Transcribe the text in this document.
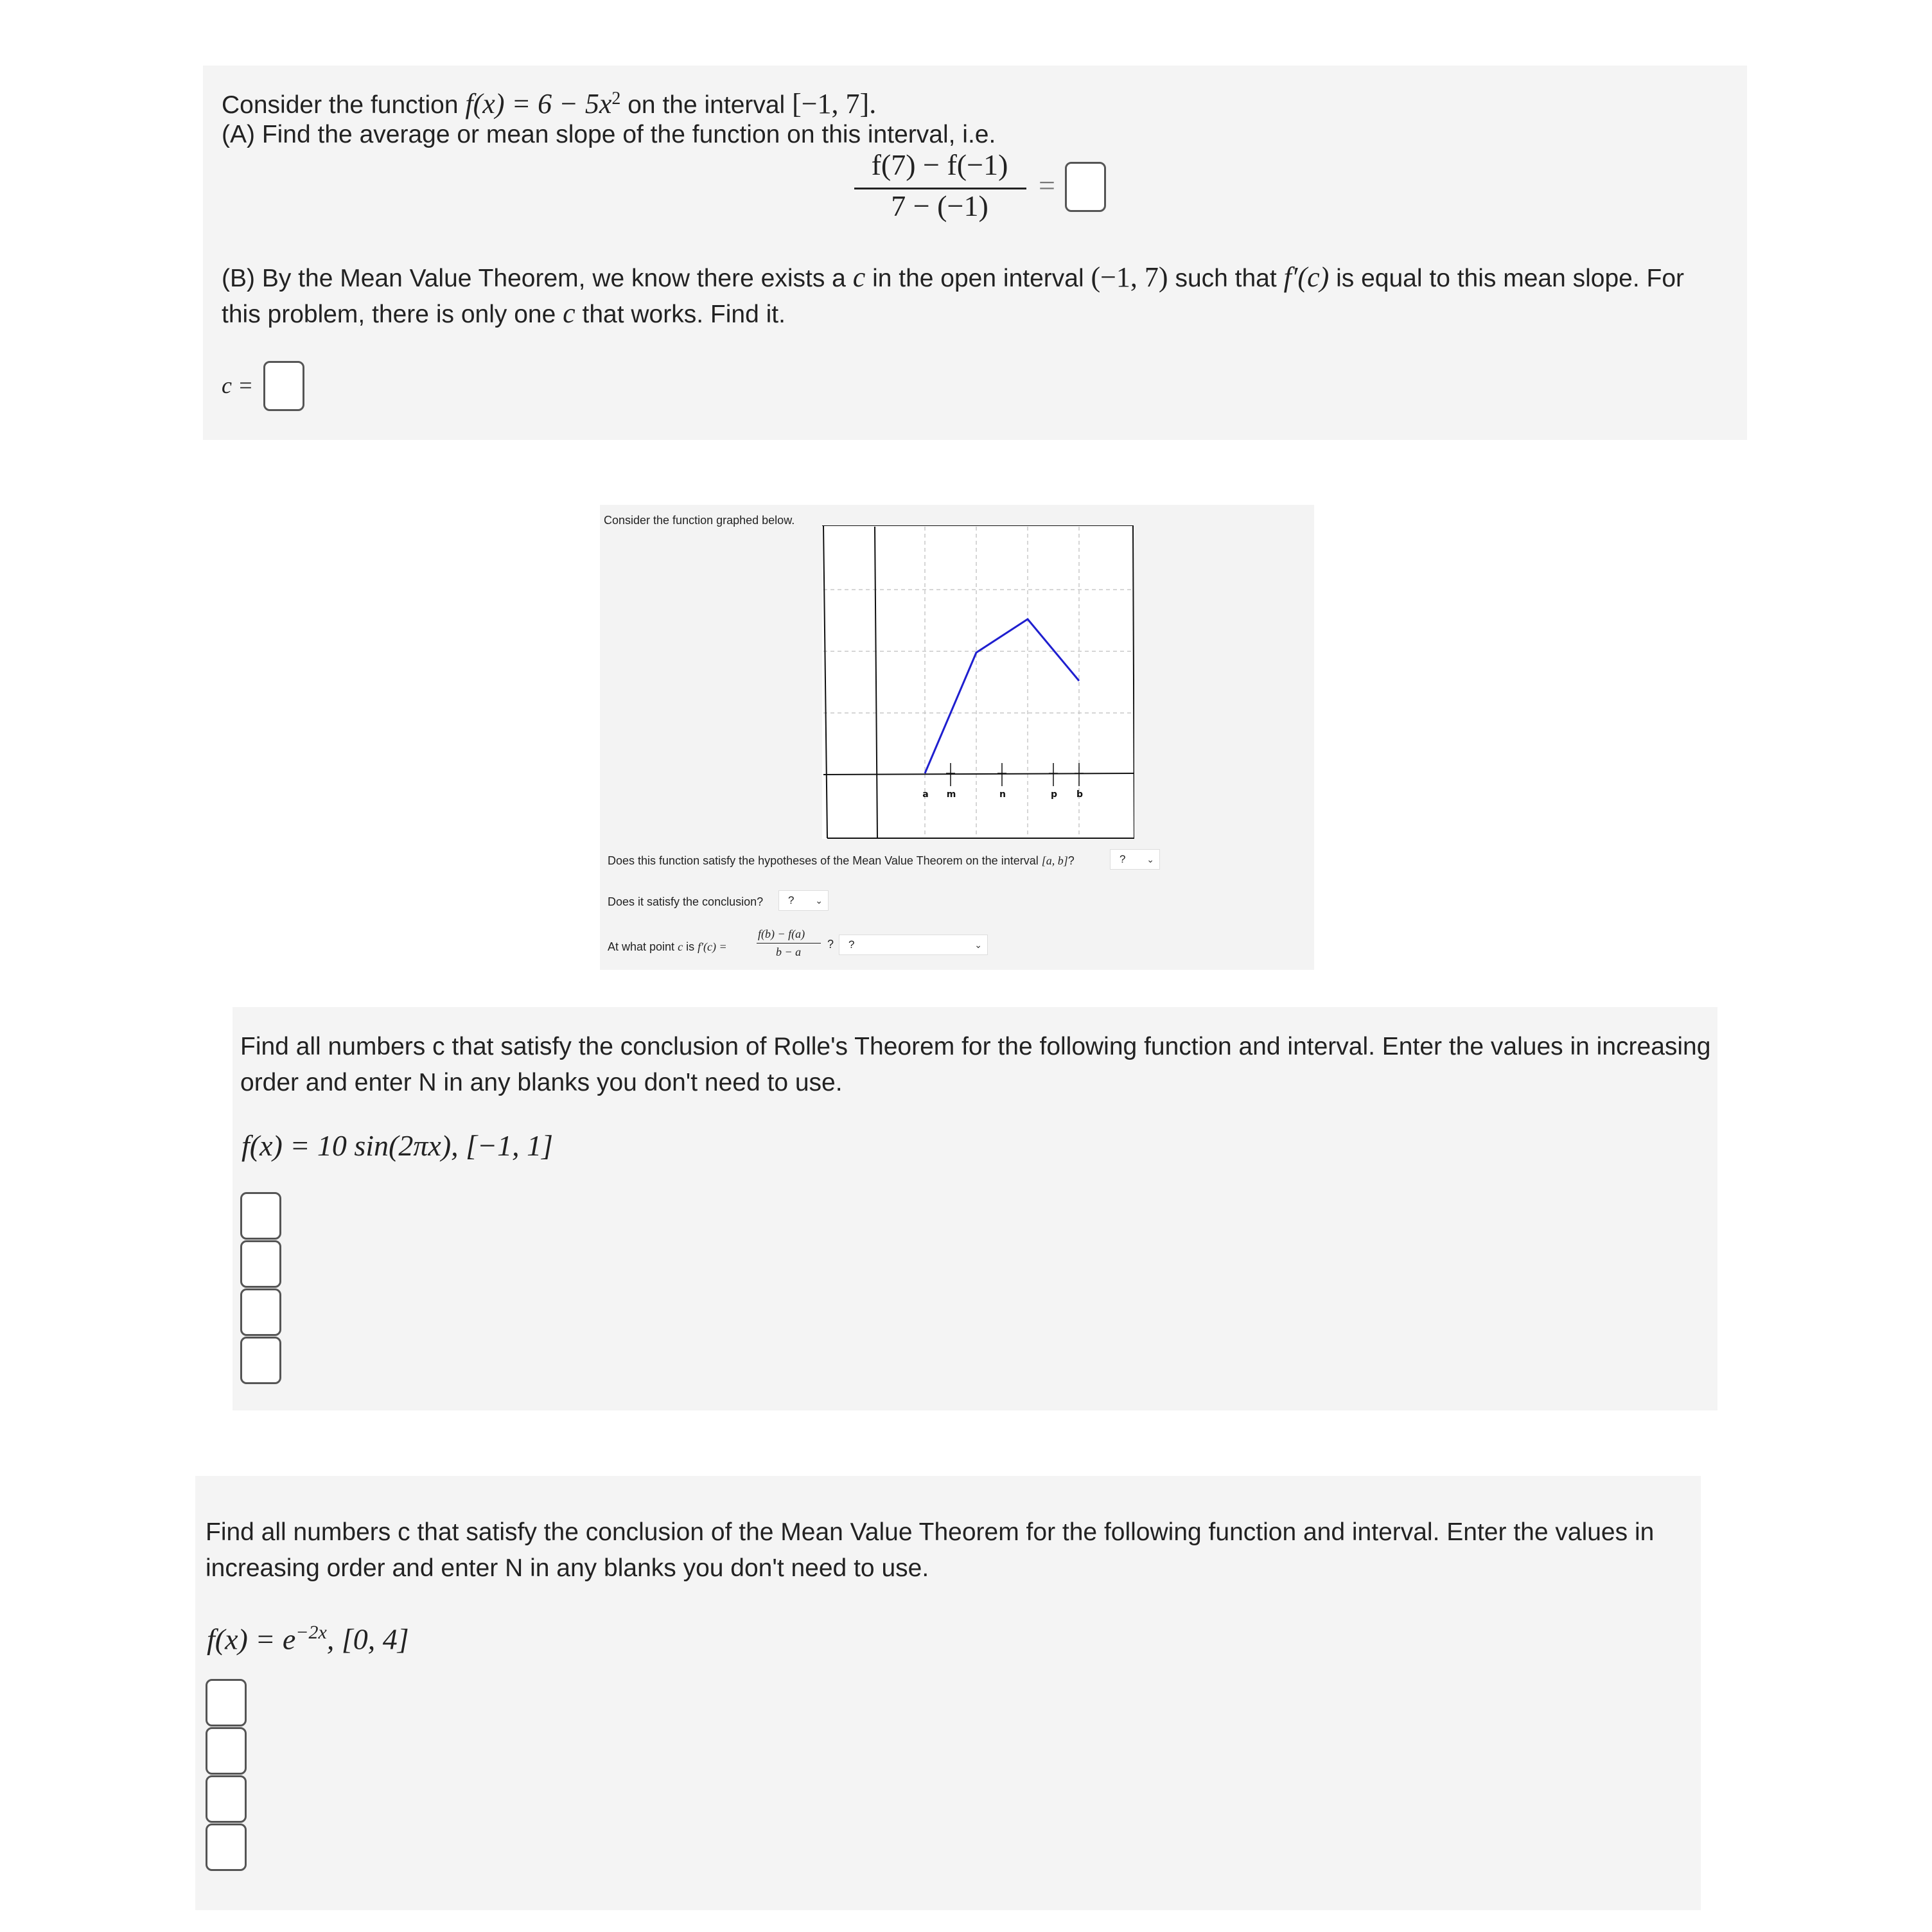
Consider the function $f(x) = 6 - 5x^2$ on the interval [−1, 7].
(A) Find the average or mean slope of the function on this interval, i.e.
f(7) − f(−1)
7 − (−1)
=
(B) By the Mean Value Theorem, we know there exists a c in the open interval (−1, 7) such that f′(c) is equal to this mean slope. For
this problem, there is only one c that works. Find it.
c =
Consider the function graphed below.
a m	n	p b
Does this function satisfy the hypotheses of the Mean Value Theorem on the interval [a, b]?	? ⌄
Does it satisfy the conclusion?	? ⌄
At what point c is f′(c) =
f(b) − f(a)
b − a
?	?	⌄
Find all numbers c that satisfy the conclusion of Rolle's Theorem for the following function and interval. Enter the values in increasing
order and enter N in any blanks you don't need to use.
f(x) = 10 sin(2πx), [−1, 1]
Find all numbers c that satisfy the conclusion of the Mean Value Theorem for the following function and interval. Enter the values in
increasing order and enter N in any blanks you don't need to use.
$f(x) = e^{-2x}$, [0, 4]
